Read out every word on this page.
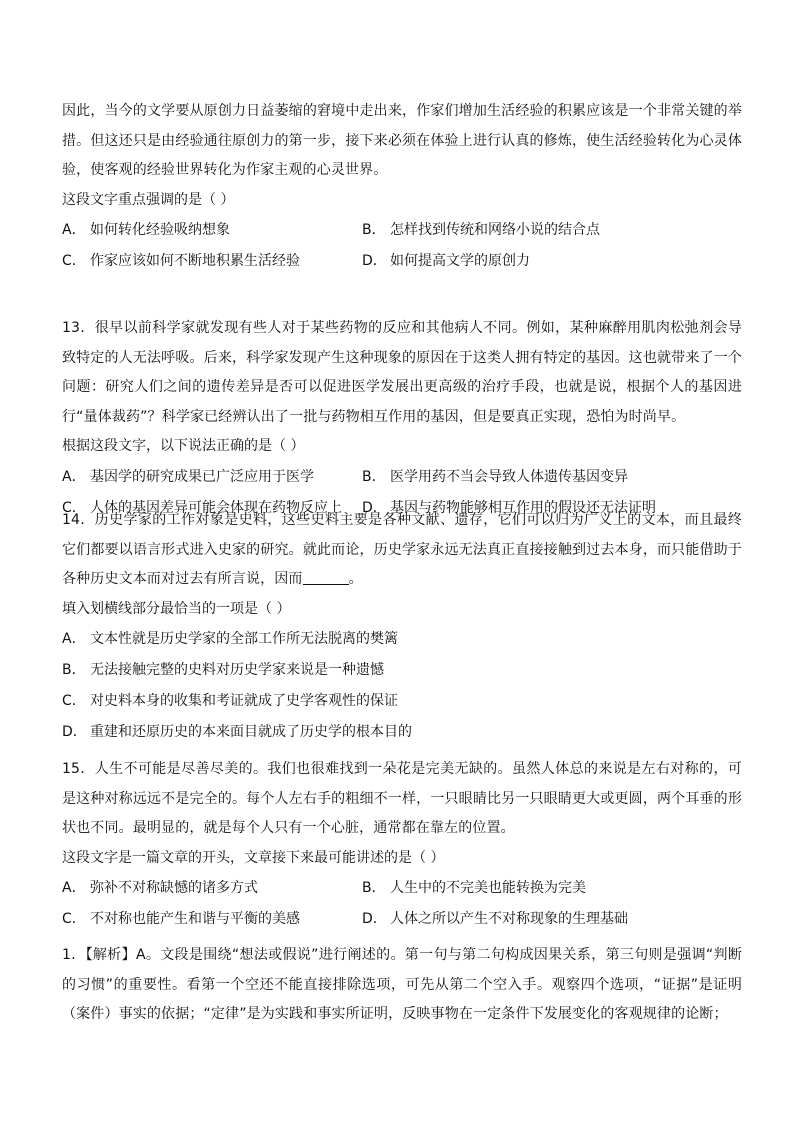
因此，当今的文学要从原创力日益萎缩的窘境中走出来，作家们增加生活经验的积累应该是一个非常关键的举措。但这还只是由经验通往原创力的第一步，接下来必须在体验上进行认真的修炼，使生活经验转化为心灵体验，使客观的经验世界转化为作家主观的心灵世界。

这段文字重点强调的是（ ）

A． 如何转化经验吸纳想象	B． 怎样找到传统和网络小说的结合点
C． 作家应该如何不断地积累生活经验	D． 如何提高文学的原创力

13．很早以前科学家就发现有些人对于某些药物的反应和其他病人不同。例如，某种麻醉用肌肉松弛剂会导致特定的人无法呼吸。后来，科学家发现产生这种现象的原因在于这类人拥有特定的基因。这也就带来了一个问题：研究人们之间的遗传差异是否可以促进医学发展出更高级的治疗手段，也就是说，根据个人的基因进行“量体裁药”？科学家已经辨认出了一批与药物相互作用的基因，但是要真正实现，恐怕为时尚早。

根据这段文字，以下说法正确的是（ ）

A． 基因学的研究成果已广泛应用于医学	B． 医学用药不当会导致人体遗传基因变异
C． 人体的基因差异可能会体现在药物反应上	D． 基因与药物能够相互作用的假设还无法证明

14．历史学家的工作对象是史料，这些史料主要是各种文献、遗存，它们可以归为广义上的文本，而且最终它们都要以语言形式进入史家的研究。就此而论，历史学家永远无法真正直接接触到过去本身，而只能借助于各种历史文本而对过去有所言说，因而	。

填入划横线部分最恰当的一项是（ ）

A． 文本性就是历史学家的全部工作所无法脱离的樊篱
B． 无法接触完整的史料对历史学家来说是一种遗憾
C． 对史料本身的收集和考证就成了史学客观性的保证
D． 重建和还原历史的本来面目就成了历史学的根本目的

15．人生不可能是尽善尽美的。我们也很难找到一朵花是完美无缺的。虽然人体总的来说是左右对称的，可是这种对称远远不是完全的。每个人左右手的粗细不一样，一只眼睛比另一只眼睛更大或更圆，两个耳垂的形状也不同。最明显的，就是每个人只有一个心脏，通常都在靠左的位置。

这段文字是一篇文章的开头，文章接下来最可能讲述的是（ ）

A． 弥补不对称缺憾的诸多方式	B． 人生中的不完美也能转换为完美
C． 不对称也能产生和谐与平衡的美感	D． 人体之所以产生不对称现象的生理基础

1．【解析】A。文段是围绕“想法或假说”进行阐述的。第一句与第二句构成因果关系，第三句则是强调“判断的习惯”的重要性。看第一个空还不能直接排除选项，可先从第二个空入手。观察四个选项，“证据”是证明（案件）事实的依据；“定律”是为实践和事实所证明，反映事物在一定条件下发展变化的客观规律的论断；
